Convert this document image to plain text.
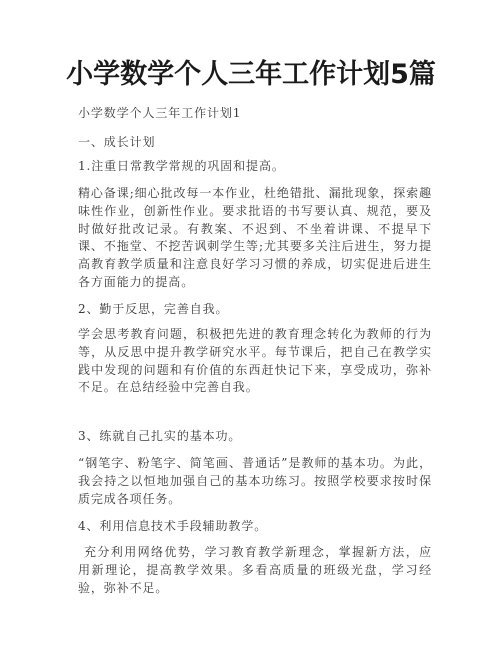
小学数学个人三年工作计划5篇

小学数学个人三年工作计划1

一、成长计划

1.注重日常教学常规的巩固和提高。

精心备课;细心批改每一本作业，杜绝错批、漏批现象，探索趣味性作业，创新性作业。要求批语的书写要认真、规范，要及时做好批改记录。有教案、不迟到、不坐着讲课、不提早下课、不拖堂、不挖苦讽刺学生等;尤其要多关注后进生，努力提高教育教学质量和注意良好学习习惯的养成，切实促进后进生各方面能力的提高。

2、勤于反思，完善自我。

学会思考教育问题，积极把先进的教育理念转化为教师的行为等，从反思中提升教学研究水平。每节课后，把自己在教学实践中发现的问题和有价值的东西赶快记下来，享受成功，弥补不足。在总结经验中完善自我。

3、练就自己扎实的基本功。

“钢笔字、粉笔字、简笔画、普通话”是教师的基本功。为此，我会持之以恒地加强自己的基本功练习。按照学校要求按时保质完成各项任务。

4、利用信息技术手段辅助教学。

充分利用网络优势，学习教育教学新理念，掌握新方法，应用新理论，提高教学效果。多看高质量的班级光盘，学习经验，弥补不足。
